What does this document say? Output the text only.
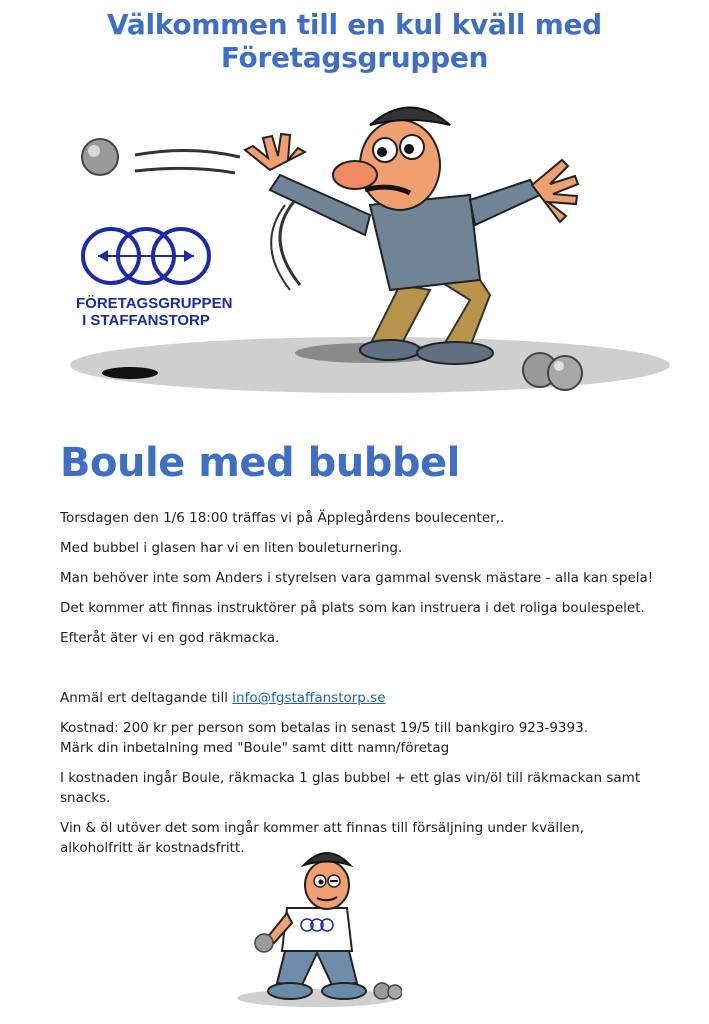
Välkommen till en kul kväll med Företagsgruppen
FÖRETAGSGRUPPEN
I STAFFANSTORP
Boule med bubbel

Torsdagen den 1/6 18:00 träffas vi på Äpplegårdens boulecenter,.

Med bubbel i glasen har vi en liten bouleturnering.

Man behöver inte som Anders i styrelsen vara gammal svensk mästare - alla kan spela!

Det kommer att finnas instruktörer på plats som kan instruera i det roliga boulespelet.

Efteråt äter vi en god räkmacka.

Anmäl ert deltagande till info@fgstaffanstorp.se

Kostnad: 200 kr per person som betalas in senast 19/5 till bankgiro 923-9393.
Märk din inbetalning med "Boule" samt ditt namn/företag

I kostnaden ingår Boule, räkmacka 1 glas bubbel + ett glas vin/öl till räkmackan samt snacks.

Vin & öl utöver det som ingår kommer att finnas till försäljning under kvällen, alkoholfritt är kostnadsfritt.
